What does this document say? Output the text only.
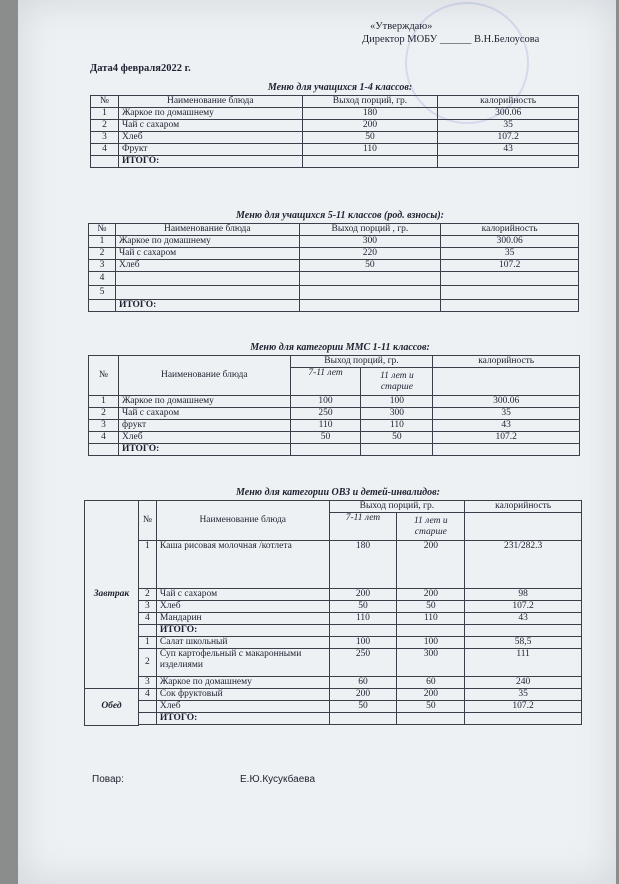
«Утверждаю»
Директор МОБУ ______ В.Н.Белоусова
Дата4 февраля2022 г.
Меню для учащихся 1-4 классов:
№	Наименование блюда	Выход порций, гр.	калорийность
1	Жаркое по домашнему	180	300.06
2	Чай с сахаром	200	35
3	Хлеб	50	107.2
4	Фрукт	110	43
	ИТОГО:		
Меню для учащихся 5-11 классов (род. взносы):
№	Наименование блюда	Выход порций , гр.	калорийность
1	Жаркое по домашнему	300	300.06
2	Чай с сахаром	220	35
3	Хлеб	50	107.2
4			
5			
	ИТОГО:		
Меню для категории ММС 1-11 классов:
№	Наименование блюда	Выход порций, гр.		калорийность
		7-11 лет	11 лет и старше	
1	Жаркое по домашнему	100	100	300.06
2	Чай с сахаром	250	300	35
3	фрукт	110	110	43
4	Хлеб	50	50	107.2
	ИТОГО:			
Меню для категории ОВЗ и детей-инвалидов:
Завтрак	№	Наименование блюда	Выход порций, гр.		калорийность
			7-11 лет	11 лет и старше	
	1	Каша рисовая молочная /котлета	180	200	231/282.3
	2	Чай с сахаром	200	200	98
	3	Хлеб	50	50	107.2
	4	Мандарин	110	110	43
		ИТОГО:			
	1	Салат школьный	100	100	58,5
	2	Суп картофельный с макаронными изделиями	250	300	111
	3	Жаркое по домашнему	60	60	240
Обед	4	Сок фруктовый	200	200	35
		Хлеб	50	50	107.2
		ИТОГО:			

Повар:	Е.Ю.Кусукбаева
